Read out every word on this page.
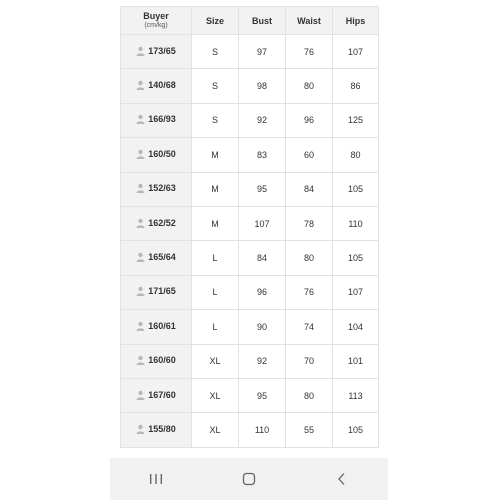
Buyer
(cm/kg)	Size	Bust	Waist	Hips

173/65	S	97	76	107

140/68	S	98	80	86

166/93	S	92	96	125

160/50	M	83	60	80

152/63	M	95	84	105

162/52	M	107	78	110

165/64	L	84	80	105

171/65	L	96	76	107

160/61	L	90	74	104

160/60	XL	92	70	101

167/60	XL	95	80	113

155/80	XL	110	55	105
